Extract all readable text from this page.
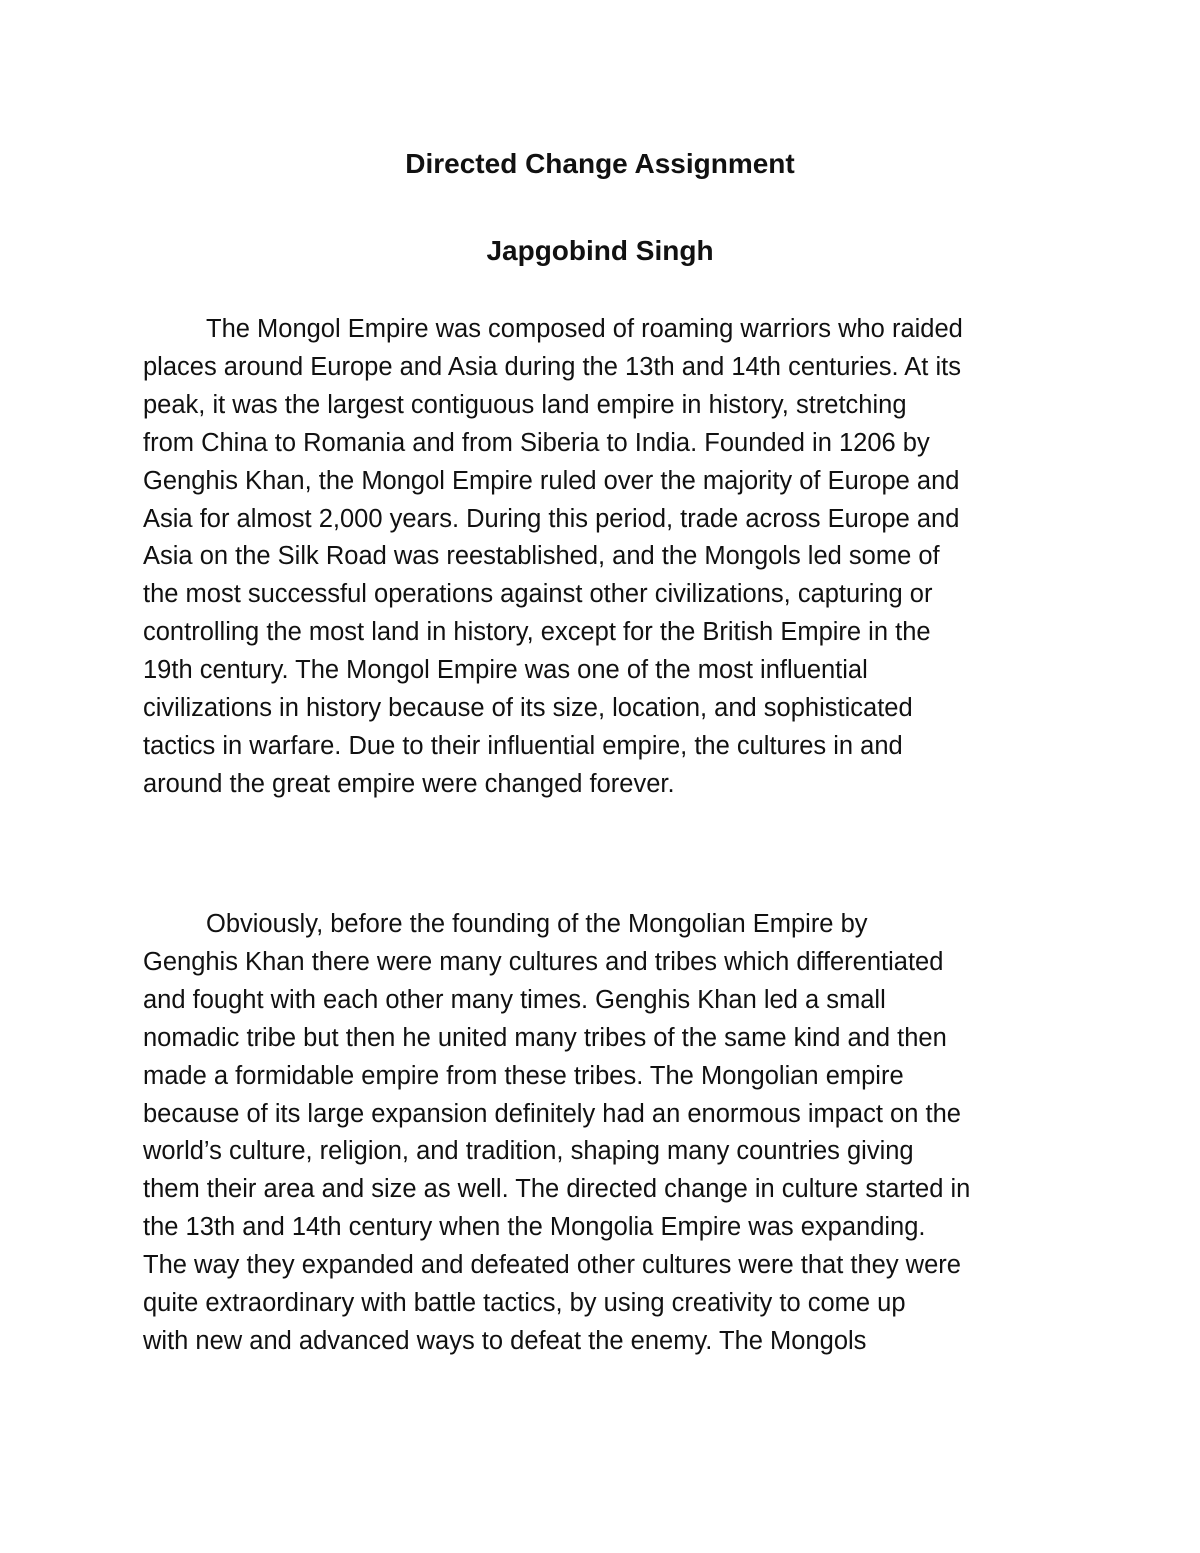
Directed Change Assignment
Japgobind Singh

The Mongol Empire was composed of roaming warriors who raided
places around Europe and Asia during the 13th and 14th centuries. At its
peak, it was the largest contiguous land empire in history, stretching
from China to Romania and from Siberia to India. Founded in 1206 by
Genghis Khan, the Mongol Empire ruled over the majority of Europe and
Asia for almost 2,000 years. During this period, trade across Europe and
Asia on the Silk Road was reestablished, and the Mongols led some of
the most successful operations against other civilizations, capturing or
controlling the most land in history, except for the British Empire in the
19th century. The Mongol Empire was one of the most influential
civilizations in history because of its size, location, and sophisticated
tactics in warfare. Due to their influential empire, the cultures in and
around the great empire were changed forever.

Obviously, before the founding of the Mongolian Empire by
Genghis Khan there were many cultures and tribes which differentiated
and fought with each other many times. Genghis Khan led a small
nomadic tribe but then he united many tribes of the same kind and then
made a formidable empire from these tribes. The Mongolian empire
because of its large expansion definitely had an enormous impact on the
world’s culture, religion, and tradition, shaping many countries giving
them their area and size as well. The directed change in culture started in
the 13th and 14th century when the Mongolia Empire was expanding.
The way they expanded and defeated other cultures were that they were
quite extraordinary with battle tactics, by using creativity to come up
with new and advanced ways to defeat the enemy. The Mongols
